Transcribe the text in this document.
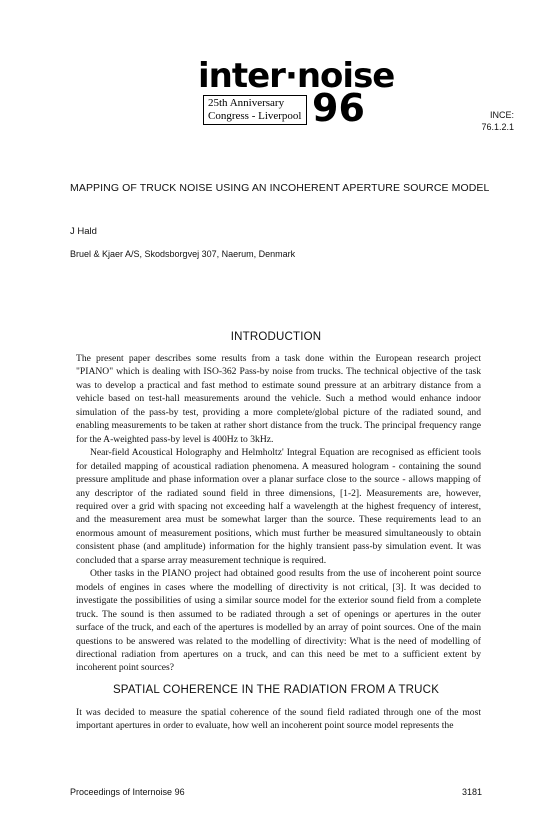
inter·noise
25th Anniversary
Congress - Liverpool 96	INCE:
76.1.2.1
MAPPING OF TRUCK NOISE USING AN INCOHERENT APERTURE SOURCE MODEL
J Hald
Bruel & Kjaer A/S, Skodsborgvej 307, Naerum, Denmark
INTRODUCTION

The present paper describes some results from a task done within the European research project "PIANO" which is dealing with ISO-362 Pass-by noise from trucks. The technical objective of the task was to develop a practical and fast method to estimate sound pressure at an arbitrary distance from a vehicle based on test-hall measurements around the vehicle. Such a method would enhance indoor simulation of the pass-by test, providing a more complete/global picture of the radiated sound, and enabling measurements to be taken at rather short distance from the truck. The principal frequency range for the A-weighted pass-by level is 400Hz to 3kHz.

Near-field Acoustical Holography and Helmholtz' Integral Equation are recognised as efficient tools for detailed mapping of acoustical radiation phenomena. A measured hologram - containing the sound pressure amplitude and phase information over a planar surface close to the source - allows mapping of any descriptor of the radiated sound field in three dimensions, [1-2]. Measurements are, however, required over a grid with spacing not exceeding half a wavelength at the highest frequency of interest, and the measurement area must be somewhat larger than the source. These requirements lead to an enormous amount of measurement positions, which must further be measured simultaneously to obtain consistent phase (and amplitude) information for the highly transient pass-by simulation event. It was concluded that a sparse array measurement technique is required.

Other tasks in the PIANO project had obtained good results from the use of incoherent point source models of engines in cases where the modelling of directivity is not critical, [3]. It was decided to investigate the possibilities of using a similar source model for the exterior sound field from a complete truck. The sound is then assumed to be radiated through a set of openings or apertures in the outer surface of the truck, and each of the apertures is modelled by an array of point sources. One of the main questions to be answered was related to the modelling of directivity: What is the need of modelling of directional radiation from apertures on a truck, and can this need be met to a sufficient extent by incoherent point sources?

SPATIAL COHERENCE IN THE RADIATION FROM A TRUCK

It was decided to measure the spatial coherence of the sound field radiated through one of the most important apertures in order to evaluate, how well an incoherent point source model represents the

Proceedings of Internoise 96	3181
